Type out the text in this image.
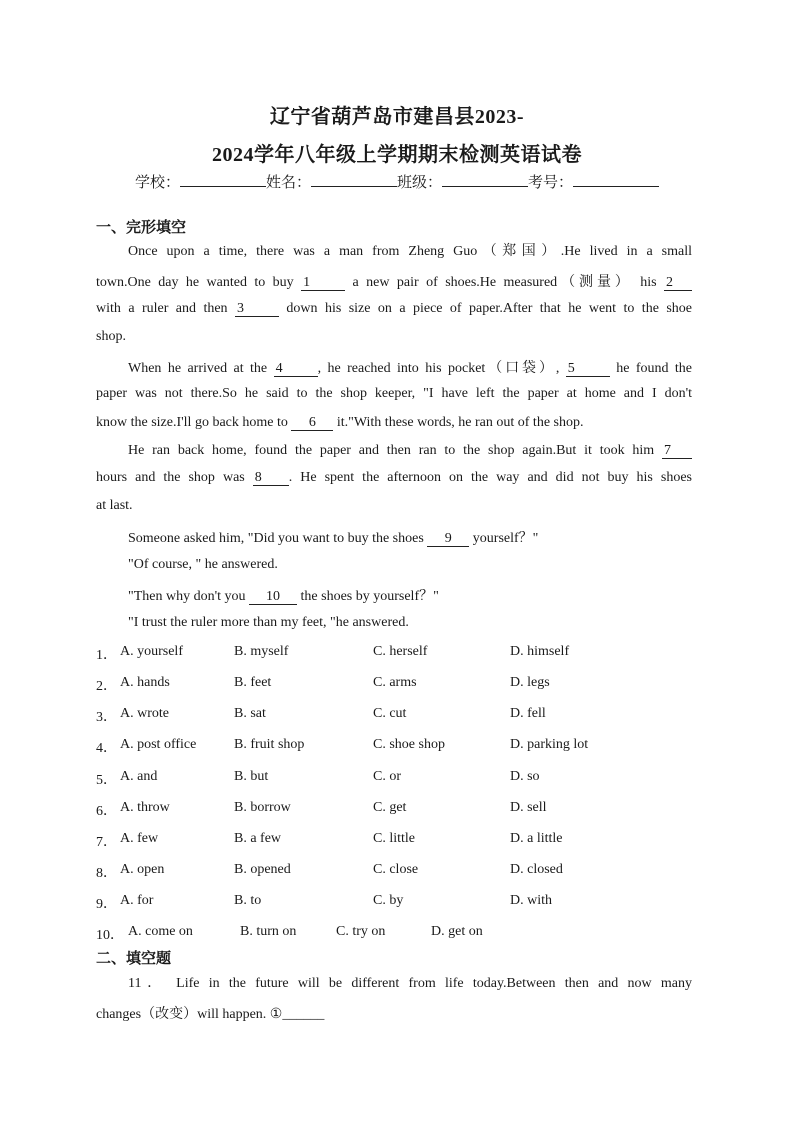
辽宁省葫芦岛市建昌县2023-
2024学年八年级上学期期末检测英语试卷
学校：	姓名：	班级：	考号：
一、完形填空
Once upon a time, there was a man from Zheng Guo（郑国）.He lived in a small
town.One day he wanted to buy 1	a new pair of shoes.He measured（测量） his 2
with a ruler and then 3	down his size on a piece of paper.After that he went to the shoe
shop.
When he arrived at the 4	, he reached into his pocket（口袋）, 5	he found the
paper was not there.So he said to the shop keeper, "I have left the paper at home and I don't
know the size.I'll go back home to 6 it."With these words, he ran out of the shop.
He ran back home, found the paper and then ran to the shop again.But it took him 7
hours and the shop was 8 . He spent the afternoon on the way and did not buy his shoes
at last.
Someone asked him, "Did you want to buy the shoes 9 yourself？"
"Of course, " he answered.
"Then why don't you 10 the shoes by yourself？"
"I trust the ruler more than my feet, "he answered.
1． A. yourself	B. myself	C. herself	D. himself
2． A. hands	B. feet	C. arms	D. legs
3． A. wrote	B. sat	C. cut	D. fell
4． A. post office	B. fruit shop	C. shoe shop	D. parking lot
5． A. and	B. but	C. or	D. so
6． A. throw	B. borrow	C. get	D. sell
7． A. few	B. a few	C. little	D. a little
8． A. open	B. opened	C. close	D. closed
9． A. for	B. to	C. by	D. with
10． A. come on	B. turn on	C. try on	D. get on
二、填空题
11． Life in the future will be different from life today.Between then and now many
changes（改变）will happen. ①______
